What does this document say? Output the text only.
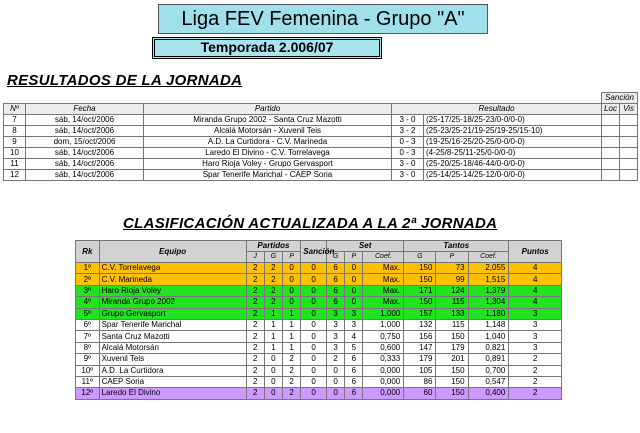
Liga FEV Femenina - Grupo "A"
Temporada 2.006/07
RESULTADOS DE LA JORNADA
					Sanción	
Nº	Fecha	Partido	Resultado		Loc	Vis
7	sáb, 14/oct/2006	Miranda Grupo 2002 - Santa Cruz Mazotti	3 - 0	(25-17/25-18/25-23/0-0/0-0)		
8	sáb, 14/oct/2006	Alcalá Motorsán - Xuvenil Teis	3 - 2	(25-23/25-21/19-25/19-25/15-10)		
9	dom, 15/oct/2006	A.D. La Curtidora - C.V. Marineda	0 - 3	(19-25/16-25/20-25/0-0/0-0)		
10	sáb, 14/oct/2006	Laredo El Divino - C.V. Torrelavega	0 - 3	(4-25/8-25/11-25/0-0/0-0)		
11	sáb, 14/oct/2006	Haro Rioja Voley - Grupo Gervasport	3 - 0	(25-20/25-18/46-44/0-0/0-0)		
12	sáb, 14/oct/2006	Spar Tenerife Marichal - CAEP Soria	3 - 0	(25-14/25-14/25-12/0-0/0-0)		
CLASIFICACIÓN ACTUALIZADA A LA 2ª JORNADA
Rk	Equipo	Partidos			Sanción	Set			Tantos			Puntos
		J	G	P		G	P	Coef.	G	P	Coef.	
1º	C.V. Torrelavega	2	2	0	0	6	0	Max.	150	73	2,055	4
2º	C.V. Marineda	2	2	0	0	6	0	Max.	150	99	1,515	4
3º	Haro Rioja Voley	2	2	0	0	6	0	Max.	171	124	1,379	4
4º	Miranda Grupo 2002	2	2	0	0	6	0	Max.	150	115	1,304	4
5º	Grupo Gervasport	2	1	1	0	3	3	1,000	157	133	1,180	3
6º	Spar Tenerife Marichal	2	1	1	0	3	3	1,000	132	115	1,148	3
7º	Santa Cruz Mazotti	2	1	1	0	3	4	0,750	156	150	1,040	3
8º	Alcalá Motorsán	2	1	1	0	3	5	0,600	147	179	0,821	3
9º	Xuvenil Teis	2	0	2	0	2	6	0,333	179	201	0,891	2
10º	A.D. La Curtidora	2	0	2	0	0	6	0,000	105	150	0,700	2
11º	CAEP Soria	2	0	2	0	0	6	0,000	86	150	0,547	2
12º	Laredo El Divino	2	0	2	0	0	6	0,000	60	150	0,400	2
